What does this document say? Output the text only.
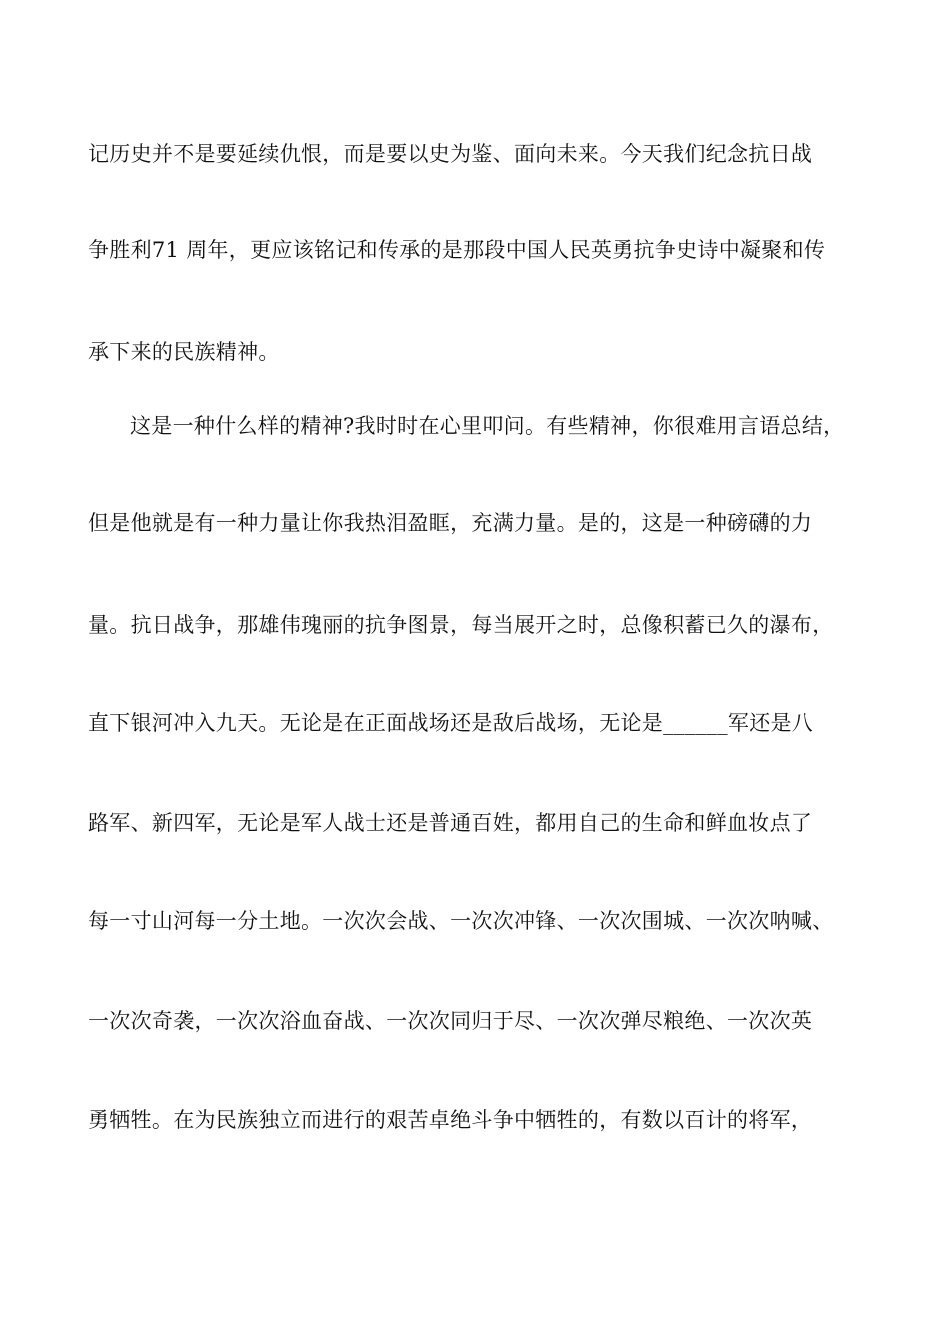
记历史并不是要延续仇恨，而是要以史为鉴、面向未来。今天我们纪念抗日战
争胜利71 周年，更应该铭记和传承的是那段中国人民英勇抗争史诗中凝聚和传
承下来的民族精神。
这是一种什么样的精神?我时时在心里叩问。有些精神，你很难用言语总结，
但是他就是有一种力量让你我热泪盈眶，充满力量。是的，这是一种磅礴的力
量。抗日战争，那雄伟瑰丽的抗争图景，每当展开之时，总像积蓄已久的瀑布，
直下银河冲入九天。无论是在正面战场还是敌后战场，无论是______军还是八
路军、新四军，无论是军人战士还是普通百姓，都用自己的生命和鲜血妆点了
每一寸山河每一分土地。一次次会战、一次次冲锋、一次次围城、一次次呐喊、
一次次奇袭，一次次浴血奋战、一次次同归于尽、一次次弹尽粮绝、一次次英
勇牺牲。在为民族独立而进行的艰苦卓绝斗争中牺牲的，有数以百计的将军，
